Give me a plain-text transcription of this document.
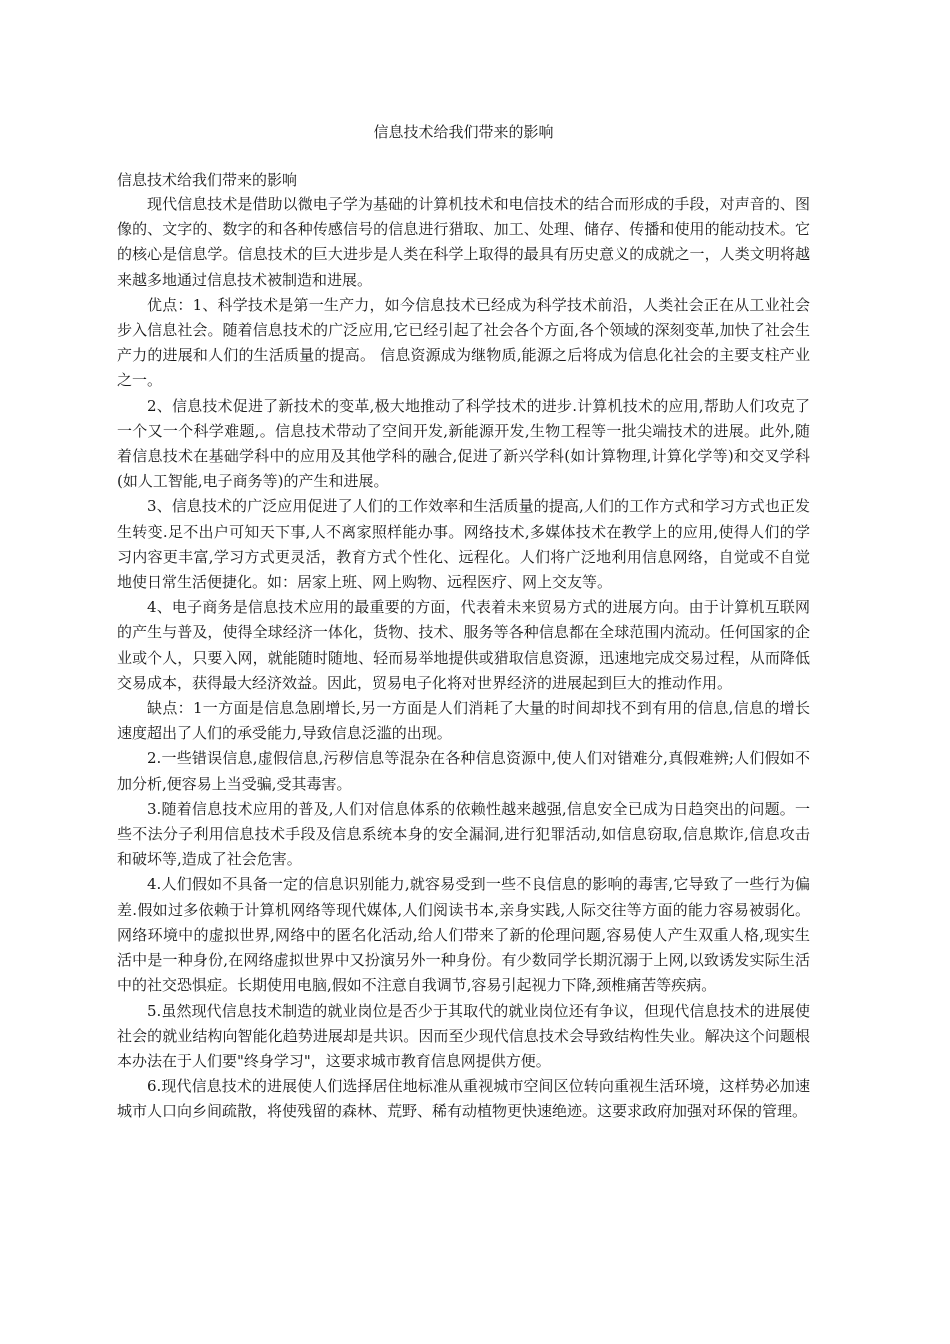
信息技术给我们带来的影响
信息技术给我们带来的影响

现代信息技术是借助以微电子学为基础的计算机技术和电信技术的结合而形成的手段，对声音的、图像的、文字的、数字的和各种传感信号的信息进行猎取、加工、处理、储存、传播和使用的能动技术。它的核心是信息学。信息技术的巨大进步是人类在科学上取得的最具有历史意义的成就之一，人类文明将越来越多地通过信息技术被制造和进展。

优点：1、科学技术是第一生产力，如今信息技术已经成为科学技术前沿，人类社会正在从工业社会步入信息社会。随着信息技术的广泛应用,它已经引起了社会各个方面,各个领域的深刻变革,加快了社会生产力的进展和人们的生活质量的提高。 信息资源成为继物质,能源之后将成为信息化社会的主要支柱产业之一。

2、信息技术促进了新技术的变革,极大地推动了科学技术的进步.计算机技术的应用,帮助人们攻克了一个又一个科学难题,。信息技术带动了空间开发,新能源开发,生物工程等一批尖端技术的进展。此外,随着信息技术在基础学科中的应用及其他学科的融合,促进了新兴学科(如计算物理,计算化学等)和交叉学科(如人工智能,电子商务等)的产生和进展。

3、信息技术的广泛应用促进了人们的工作效率和生活质量的提高,人们的工作方式和学习方式也正发生转变.足不出户可知天下事,人不离家照样能办事。网络技术,多媒体技术在教学上的应用,使得人们的学习内容更丰富,学习方式更灵活，教育方式个性化、远程化。人们将广泛地利用信息网络，自觉或不自觉地使日常生活便捷化。如：居家上班、网上购物、远程医疗、网上交友等。

4、电子商务是信息技术应用的最重要的方面，代表着未来贸易方式的进展方向。由于计算机互联网的产生与普及，使得全球经济一体化，货物、技术、服务等各种信息都在全球范围内流动。任何国家的企业或个人，只要入网，就能随时随地、轻而易举地提供或猎取信息资源，迅速地完成交易过程，从而降低交易成本，获得最大经济效益。因此，贸易电子化将对世界经济的进展起到巨大的推动作用。

缺点：1一方面是信息急剧增长,另一方面是人们消耗了大量的时间却找不到有用的信息,信息的增长速度超出了人们的承受能力,导致信息泛滥的出现。

2.一些错误信息,虚假信息,污秽信息等混杂在各种信息资源中,使人们对错难分,真假难辨;人们假如不加分析,便容易上当受骗,受其毒害。

3.随着信息技术应用的普及,人们对信息体系的依赖性越来越强,信息安全已成为日趋突出的问题。一些不法分子利用信息技术手段及信息系统本身的安全漏洞,进行犯罪活动,如信息窃取,信息欺诈,信息攻击和破坏等,造成了社会危害。

4.人们假如不具备一定的信息识别能力,就容易受到一些不良信息的影响的毒害,它导致了一些行为偏差.假如过多依赖于计算机网络等现代媒体,人们阅读书本,亲身实践,人际交往等方面的能力容易被弱化。网络环境中的虚拟世界,网络中的匿名化活动,给人们带来了新的伦理问题,容易使人产生双重人格,现实生活中是一种身份,在网络虚拟世界中又扮演另外一种身份。有少数同学长期沉溺于上网,以致诱发实际生活中的社交恐惧症。长期使用电脑,假如不注意自我调节,容易引起视力下降,颈椎痛苦等疾病。

5.虽然现代信息技术制造的就业岗位是否少于其取代的就业岗位还有争议，但现代信息技术的进展使社会的就业结构向智能化趋势进展却是共识。因而至少现代信息技术会导致结构性失业。解决这个问题根本办法在于人们要"终身学习"，这要求城市教育信息网提供方便。

6.现代信息技术的进展使人们选择居住地标准从重视城市空间区位转向重视生活环境，这样势必加速城市人口向乡间疏散，将使残留的森林、荒野、稀有动植物更快速绝迹。这要求政府加强对环保的管理。
